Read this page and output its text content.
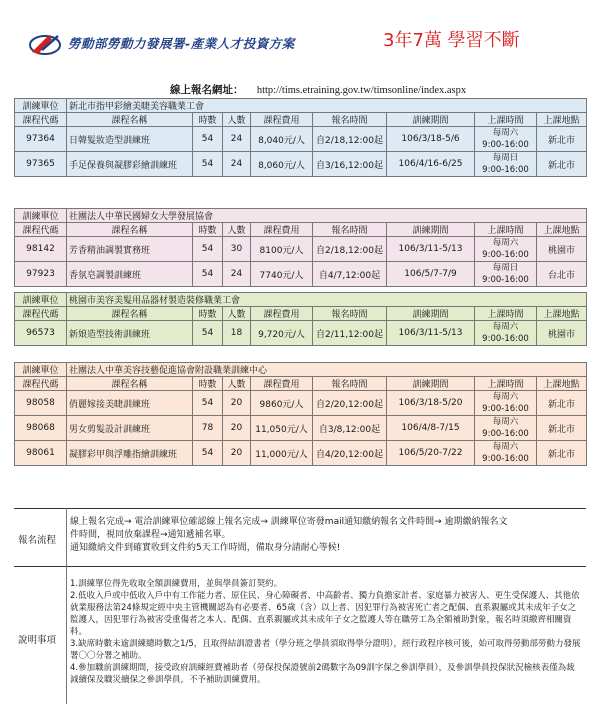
勞動部勞動力發展署-產業人才投資方案	3年7萬 學習不斷
線上報名網址： http://tims.etraining.gov.tw/timsonline/index.aspx
訓練單位	新北市指甲彩繪美睫美容職業工會							
課程代碼	課程名稱	時數	人數	課程費用	報名時間	訓練期間	上課時間	上課地點
97364	日韓髮妝造型訓練班	54	24	8,040元/人	自2/18,12:00起	106/3/18-5/6	每周六
9:00-16:00	新北市
97365	手足保養與凝膠彩繪訓練班	54	24	8,060元/人	自3/16,12:00起	106/4/16-6/25	每周日
9:00-16:00	新北市
訓練單位	社團法人中華民國婦女大學發展協會							
課程代碼	課程名稱	時數	人數	課程費用	報名時間	訓練期間	上課時間	上課地點
98142	芳香精油調製實務班	54	30	8100元/人	自2/18,12:00起	106/3/11-5/13	每周六
9:00-16:00	桃園市
97923	香氛皂調製訓練班	54	24	7740元/人	自4/7,12:00起	106/5/7-7/9	每周日
9:00-16:00	台北市
訓練單位	桃園市美容美髮用品器材製造裝修職業工會							
課程代碼	課程名稱	時數	人數	課程費用	報名時間	訓練期間	上課時間	上課地點
96573	新娘造型技術訓練班	54	18	9,720元/人	自2/11,12:00起	106/3/11-5/13	每周六
9:00-16:00	桃園市
訓練單位	社團法人中華美容技藝促進協會附設職業訓練中心							
課程代碼	課程名稱	時數	人數	課程費用	報名時間	訓練期間	上課時間	上課地點
98058	俏麗嫁接美睫訓練班	54	20	9860元/人	自2/20,12:00起	106/3/18-5/20	每周六
9:00-16:00	新北市
98068	男女剪髮設計訓練班	78	20	11,050元/人	自3/8,12:00起	106/4/8-7/15	每周六
9:00-16:00	新北市
98061	凝膠彩甲與浮雕指繪訓練班	54	20	11,000元/人	自4/20,12:00起	106/5/20-7/22	每周六
9:00-16:00	新北市
報名流程
線上報名完成→ 電洽訓練單位確認線上報名完成→ 訓練單位寄發mail通知繳納報名文件時間→ 逾期繳納報名文
件時間，視同放棄課程→通知遞補名單。
通知繳納文件到確實收到文件約5天工作時間，備取身分請耐心等候!
說明事項

1.訓練單位得先收取全額訓練費用，並與學員簽訂契約。

2.低收入戶或中低收入戶中有工作能力者、原住民、身心障礙者、中高齡者、獨力負擔家計者、家庭暴力被害人、更生受保護人、其他依就業服務法第24條規定經中央主管機關認為有必要者、65歲（含）以上者、因犯罪行為被害死亡者之配偶、直系親屬或其未成年子女之監護人，因犯罪行為被害受重傷者之本人、配偶、直系親屬或其未成年子女之監護人等在職勞工為全額補助對象，報名時須繳齊相關資料。

3.缺席時數未逾訓練總時數之1/5，且取得結訓證書者（學分班之學員須取得學分證明），經行政程序核可後，始可取得勞動部勞動力發展署〇〇分署之補助。

4.參加職前訓練期間，接受政府訓練經費補助者（勞保投保證號前2碼數字為09訓字保之參訓學員），及參訓學員投保狀況檢核表僅為裁減續保及職災續保之參訓學員，不予補助訓練費用。
